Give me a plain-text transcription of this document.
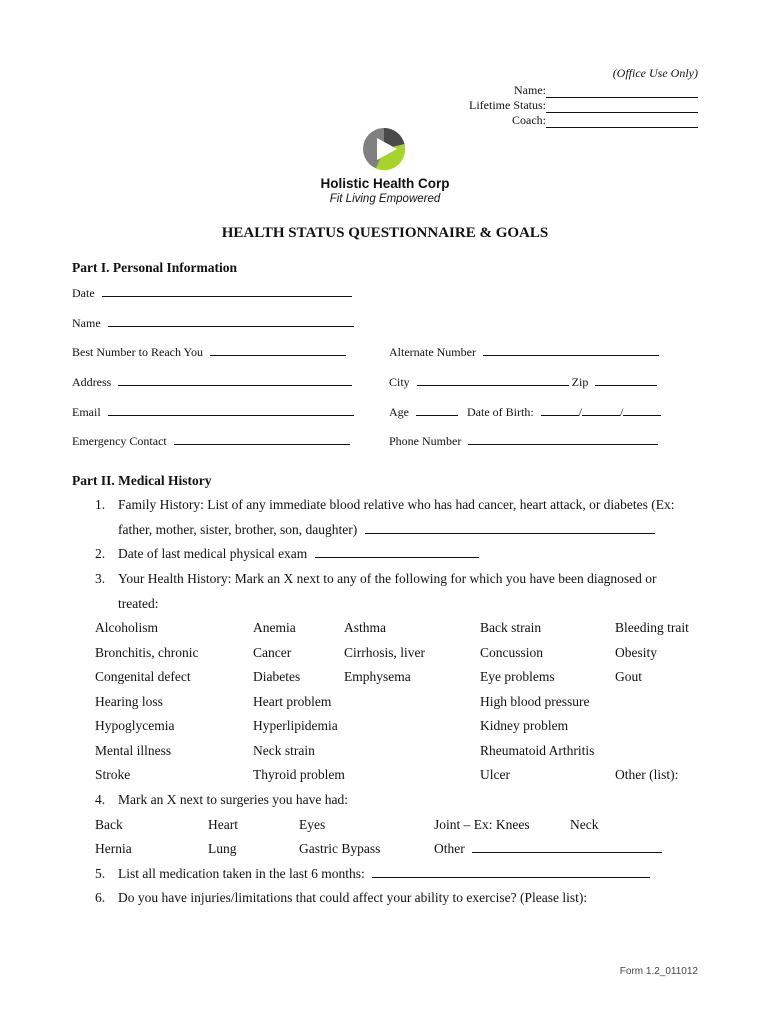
(Office Use Only)
Name:
Lifetime Status:
Coach:
Holistic Health Corp
Fit Living Empowered
HEALTH STATUS QUESTIONNAIRE & GOALS
Part I. Personal Information
Date
Name
Best Number to Reach You	Alternate Number
Address	City	Zip
Email	Age	Date of Birth:	/	/
Emergency Contact	Phone Number
Part II. Medical History
1. Family History: List of any immediate blood relative who has had cancer, heart attack, or diabetes (Ex:
father, mother, sister, brother, son, daughter)
2. Date of last medical physical exam
3. Your Health History: Mark an X next to any of the following for which you have been diagnosed or
treated:
Alcoholism	Anemia	Asthma	Back strain	Bleeding trait
Bronchitis, chronic	Cancer	Cirrhosis, liver	Concussion	Obesity
Congenital defect	Diabetes	Emphysema	Eye problems	Gout
Hearing loss	Heart problem	High blood pressure
Hypoglycemia	Hyperlipidemia	Kidney problem
Mental illness	Neck strain	Rheumatoid Arthritis
Stroke	Thyroid problem	Ulcer	Other (list):
4. Mark an X next to surgeries you have had:
Back	Heart	Eyes	Joint – Ex: Knees	Neck
Hernia	Lung	Gastric Bypass	Other
5. List all medication taken in the last 6 months:
6. Do you have injuries/limitations that could affect your ability to exercise? (Please list):
Form 1.2_011012
